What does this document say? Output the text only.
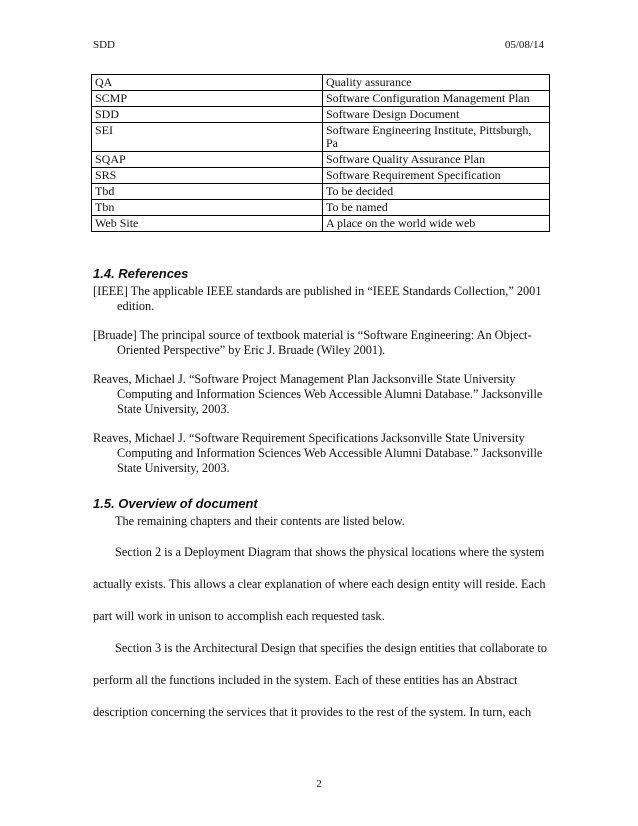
SDD	05/08/14
QA	Quality assurance
SCMP	Software Configuration Management Plan
SDD	Software Design Document
SEI	Software Engineering Institute, Pittsburgh, Pa
SQAP	Software Quality Assurance Plan
SRS	Software Requirement Specification
Tbd	To be decided
Tbn	To be named
Web Site	A place on the world wide web
1.4. References

[IEEE] The applicable IEEE standards are published in “IEEE Standards Collection,” 2001 edition.

[Bruade] The principal source of textbook material is “Software Engineering: An Object-Oriented Perspective” by Eric J. Bruade (Wiley 2001).

Reaves, Michael J. “Software Project Management Plan Jacksonville State University Computing and Information Sciences Web Accessible Alumni Database.” Jacksonville State University, 2003.

Reaves, Michael J. “Software Requirement Specifications Jacksonville State University Computing and Information Sciences Web Accessible Alumni Database.” Jacksonville State University, 2003.

1.5. Overview of document
The remaining chapters and their contents are listed below.

Section 2 is a Deployment Diagram that shows the physical locations where the system actually exists. This allows a clear explanation of where each design entity will reside. Each part will work in unison to accomplish each requested task.

Section 3 is the Architectural Design that specifies the design entities that collaborate to perform all the functions included in the system. Each of these entities has an Abstract description concerning the services that it provides to the rest of the system. In turn, each

2
